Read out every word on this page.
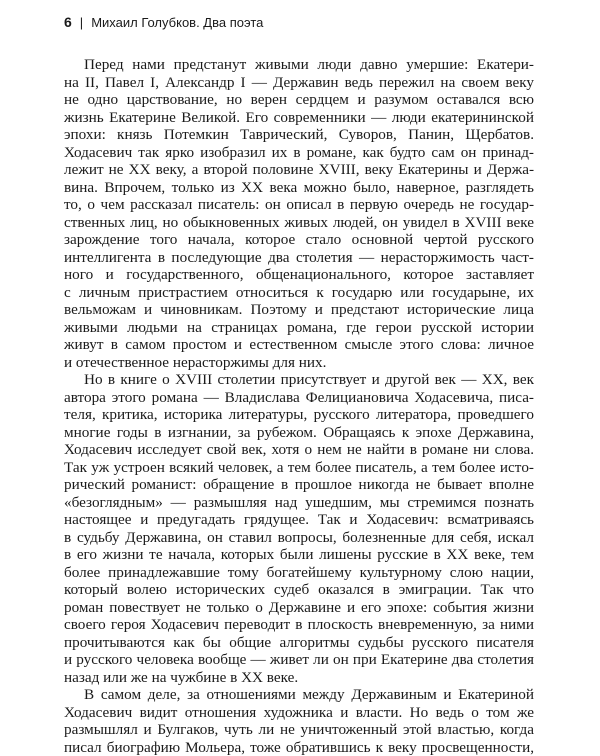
6 | Михаил Голубков. Два поэта
Перед нами предстанут живыми люди давно умершие: Екатери-
на II, Павел I, Александр I — Державин ведь пережил на своем веку
не одно царствование, но верен сердцем и разумом оставался всю
жизнь Екатерине Великой. Его современники — люди екатерининской
эпохи: князь Потемкин Таврический, Суворов, Панин, Щербатов.
Ходасевич так ярко изобразил их в романе, как будто сам он принад-
лежит не XX веку, а второй половине XVIII, веку Екатерины и Держа-
вина. Впрочем, только из XX века можно было, наверное, разглядеть
то, о чем рассказал писатель: он описал в первую очередь не государ-
ственных лиц, но обыкновенных живых людей, он увидел в XVIII веке
зарождение того начала, которое стало основной чертой русского
интеллигента в последующие два столетия — нерасторжимость част-
ного и государственного, общенационального, которое заставляет
с личным пристрастием относиться к государю или государыне, их
вельможам и чиновникам. Поэтому и предстают исторические лица
живыми людьми на страницах романа, где герои русской истории
живут в самом простом и естественном смысле этого слова: личное
и отечественное нерасторжимы для них.
Но в книге о XVIII столетии присутствует и другой век — XX, век
автора этого романа — Владислава Фелициановича Ходасевича, писа-
теля, критика, историка литературы, русского литератора, проведшего
многие годы в изгнании, за рубежом. Обращаясь к эпохе Державина,
Ходасевич исследует свой век, хотя о нем не найти в романе ни слова.
Так уж устроен всякий человек, а тем более писатель, а тем более истo-
рический романист: обращение в прошлое никогда не бывает вполне
«безоглядным» — размышляя над ушедшим, мы стремимся познать
настоящее и предугадать грядущее. Так и Ходасевич: всматриваясь
в судьбу Державина, он ставил вопросы, болезненные для себя, искал
в его жизни те начала, которых были лишены русские в XX веке, тем
более принадлежавшие тому богатейшему культурному слою нации,
который волею исторических судеб оказался в эмиграции. Так что
роман повествует не только о Державине и его эпохе: события жизни
своего героя Ходасевич переводит в плоскость вневременную, за ними
прочитываются как бы общие алгоритмы судьбы русского писателя
и русского человека вообще — живет ли он при Екатерине два столетия
назад или же на чужбине в XX веке.
В самом деле, за отношениями между Державиным и Екатериной
Ходасевич видит отношения художника и власти. Но ведь о том же
размышлял и Булгаков, чуть ли не уничтоженный этой властью, когда
писал биографию Мольера, тоже обратившись к веку просвещенности,
